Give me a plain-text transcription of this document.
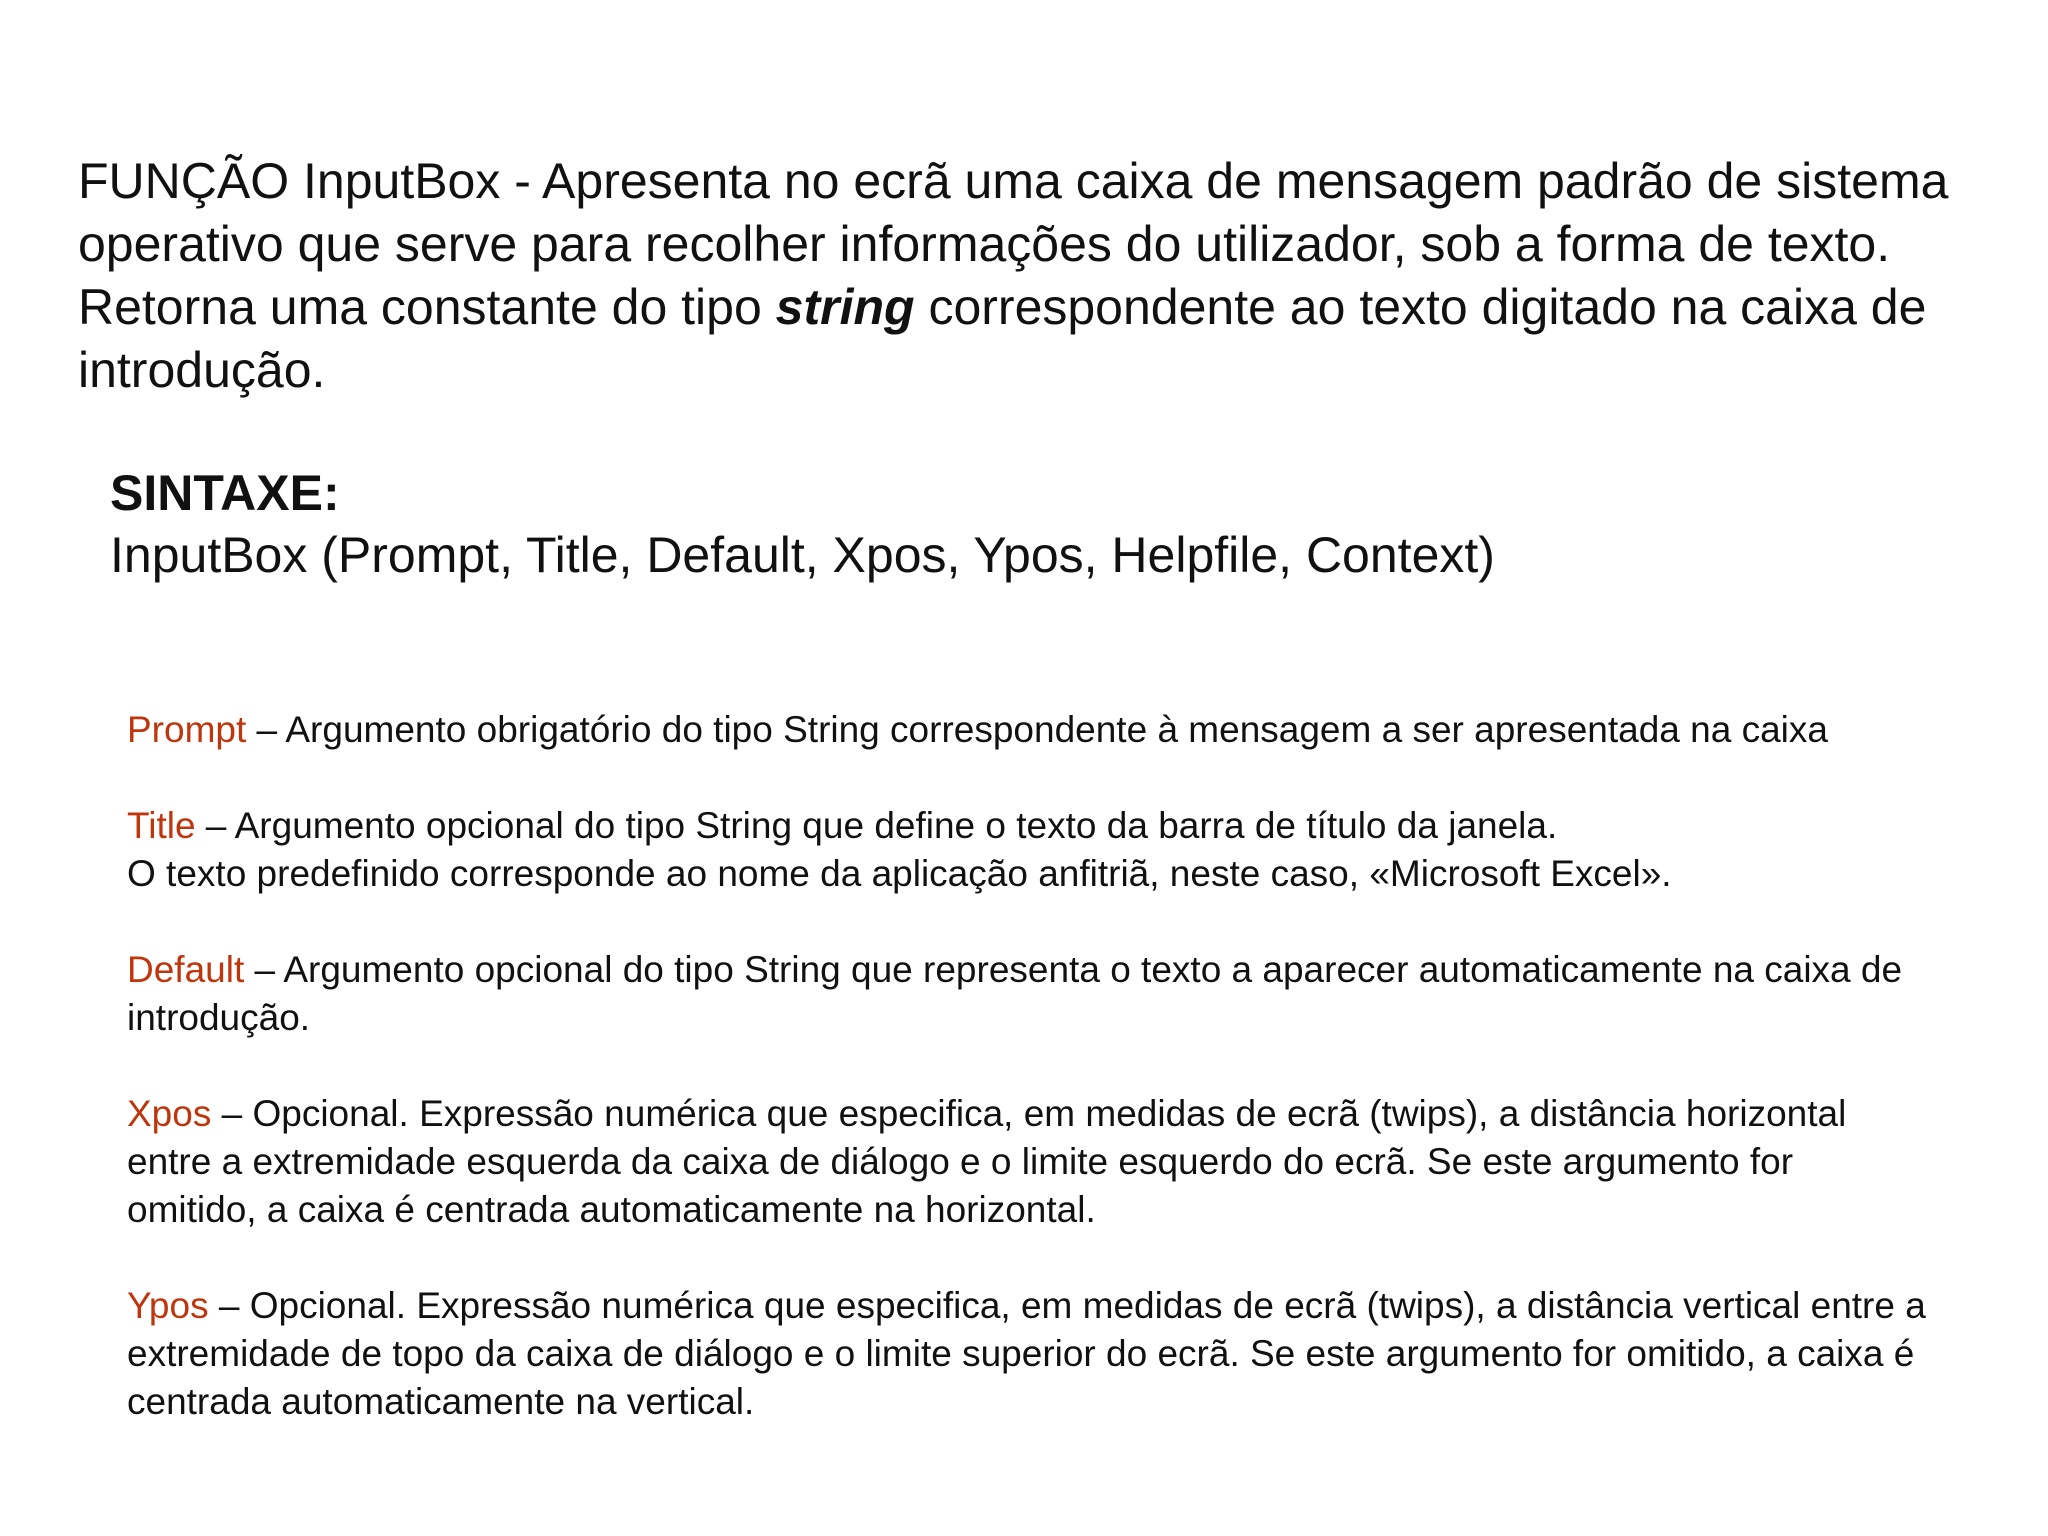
FUNÇÃO InputBox - Apresenta no ecrã uma caixa de mensagem padrão de sistema operativo que serve para recolher informações do utilizador, sob a forma de texto. Retorna uma constante do tipo string correspondente ao texto digitado na caixa de introdução.

SINTAXE:

InputBox (Prompt, Title, Default, Xpos, Ypos, Helpfile, Context)

Prompt – Argumento obrigatório do tipo String correspondente à mensagem a ser apresentada na caixa

Title – Argumento opcional do tipo String que define o texto da barra de título da janela.
O texto predefinido corresponde ao nome da aplicação anfitriã, neste caso, «Microsoft Excel».

Default – Argumento opcional do tipo String que representa o texto a aparecer automaticamente na caixa de introdução.

Xpos – Opcional. Expressão numérica que especifica, em medidas de ecrã (twips), a distância horizontal entre a extremidade esquerda da caixa de diálogo e o limite esquerdo do ecrã. Se este argumento for omitido, a caixa é centrada automaticamente na horizontal.

Ypos – Opcional. Expressão numérica que especifica, em medidas de ecrã (twips), a distância vertical entre a extremidade de topo da caixa de diálogo e o limite superior do ecrã. Se este argumento for omitido, a caixa é centrada automaticamente na vertical.
